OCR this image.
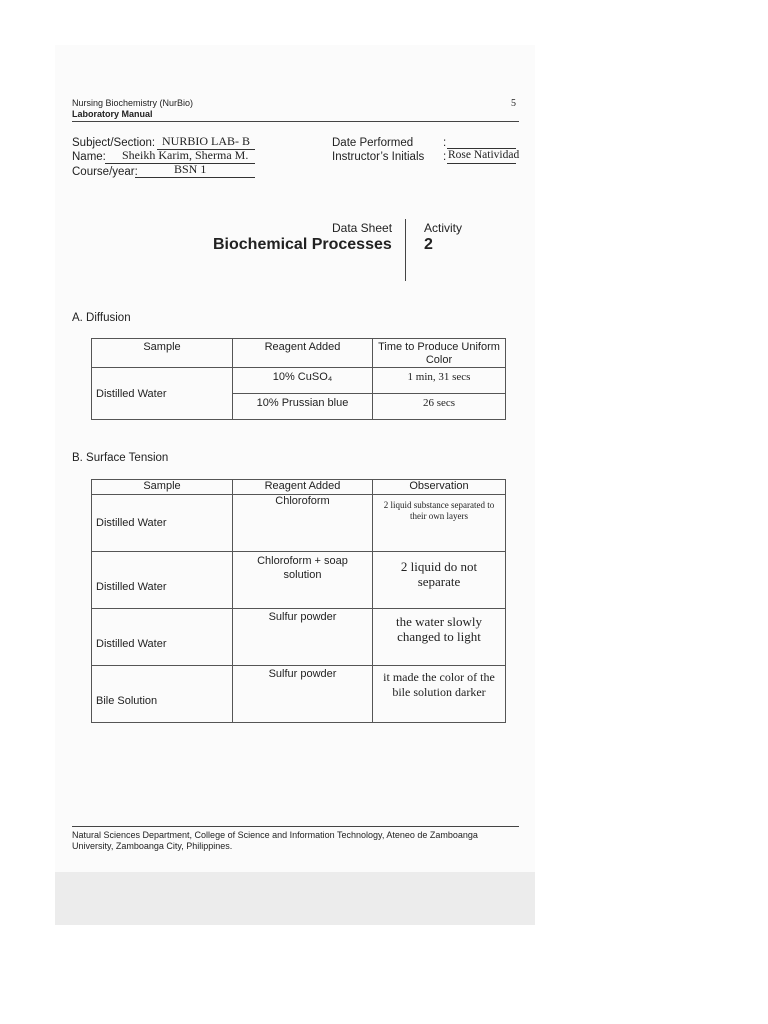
Nursing Biochemistry (NurBio)
Laboratory Manual
5
Subject/Section: NURBIO LAB- B
Name: Sheikh Karim, Sherma M.
Course/year:	BSN 1
Date Performed	:
Instructor’s Initials : Rose Natividad
Data Sheet
Biochemical Processes
Activity
2
A. Diffusion
Sample	Reagent Added	Time to Produce Uniform Color
Distilled Water	10% CuSO₄	1 min, 31 secs
	10% Prussian blue	26 secs
B. Surface Tension
Sample	Reagent Added	Observation
Distilled Water	Chloroform	2 liquid substance separated to their own layers

Distilled Water	Chloroform + soap solution	2 liquid do not separate

Distilled Water	Sulfur powder	the water slowly changed to light

Bile Solution	Sulfur powder	it made the color of the bile solution darker
Natural Sciences Department, College of Science and Information Technology, Ateneo de Zamboanga
University, Zamboanga City, Philippines.
